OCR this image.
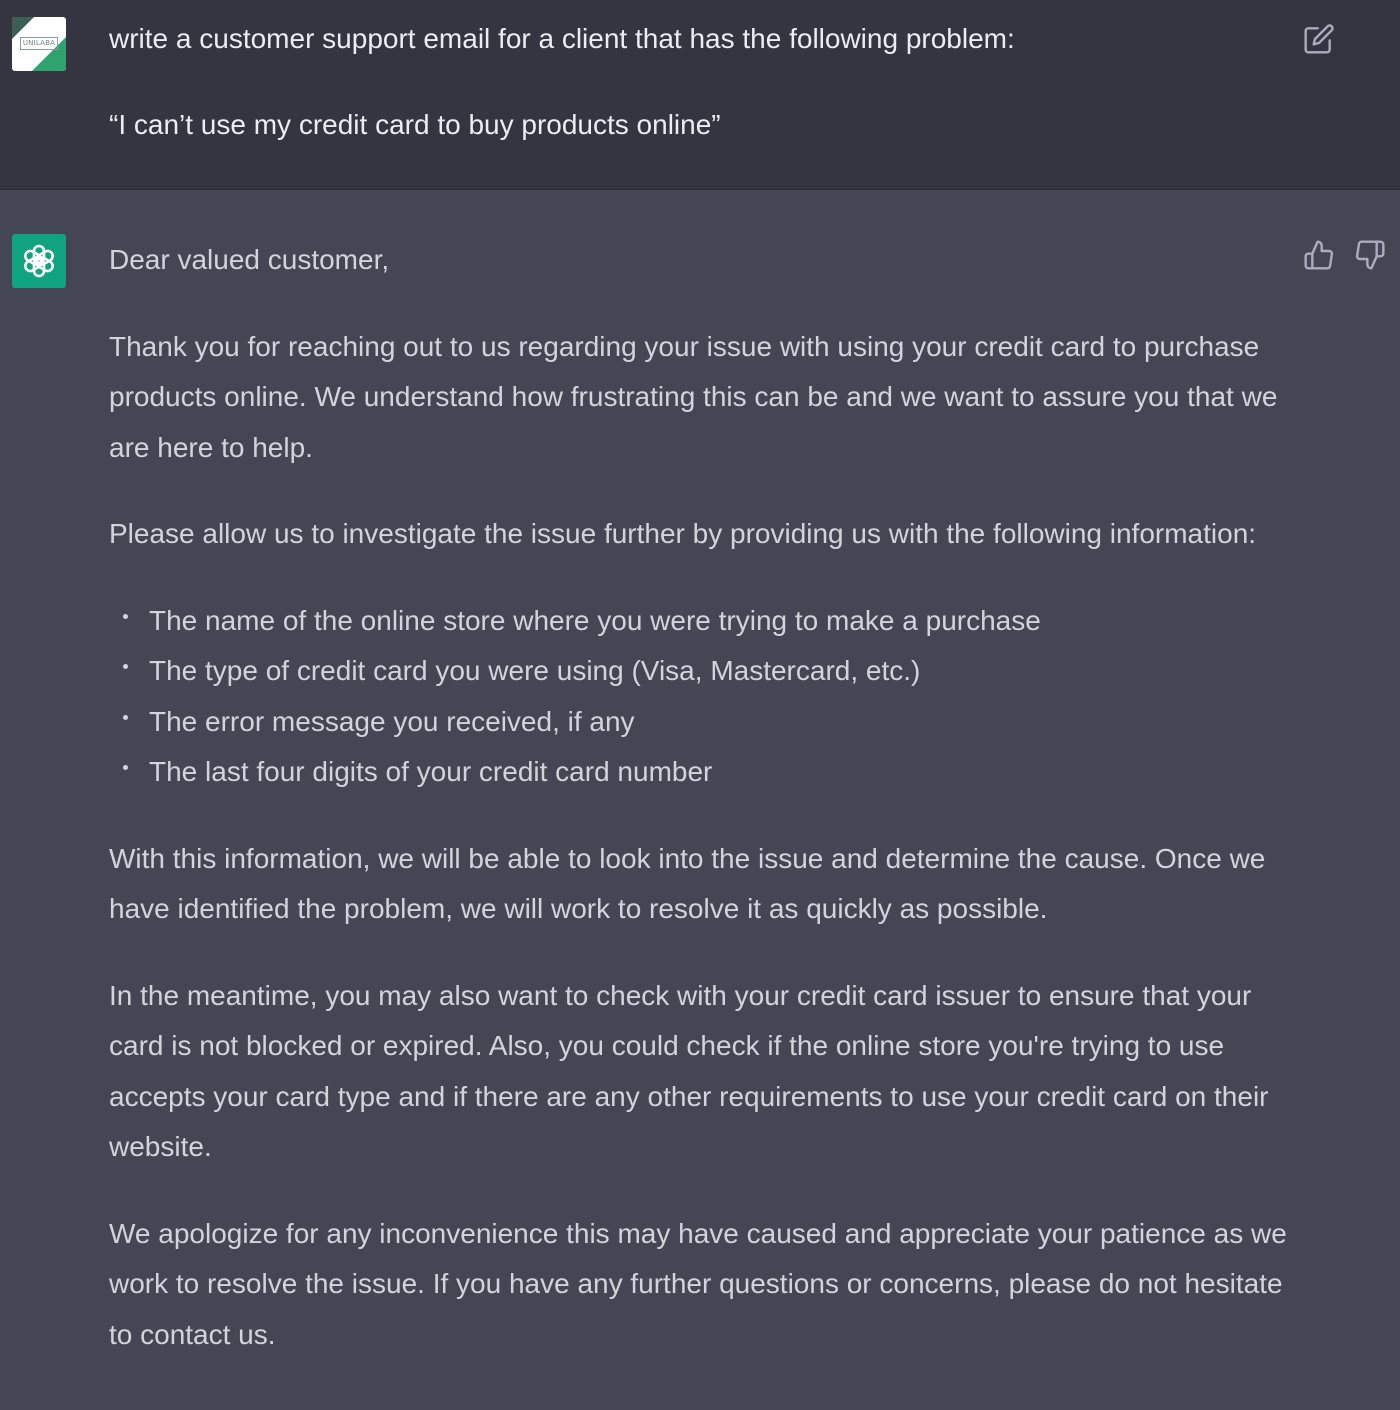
UNILABA write a customer support email for a client that has the following problem:

“I can’t use my credit card to buy products online”

Dear valued customer,

Thank you for reaching out to us regarding your issue with using your credit card to purchase products online. We understand how frustrating this can be and we want to assure you that we are here to help.

Please allow us to investigate the issue further by providing us with the following information:

The name of the online store where you were trying to make a purchase
The type of credit card you were using (Visa, Mastercard, etc.)
The error message you received, if any
The last four digits of your credit card number

With this information, we will be able to look into the issue and determine the cause. Once we have identified the problem, we will work to resolve it as quickly as possible.

In the meantime, you may also want to check with your credit card issuer to ensure that your card is not blocked or expired. Also, you could check if the online store you're trying to use accepts your card type and if there are any other requirements to use your credit card on their website.

We apologize for any inconvenience this may have caused and appreciate your patience as we work to resolve the issue. If you have any further questions or concerns, please do not hesitate to contact us.
